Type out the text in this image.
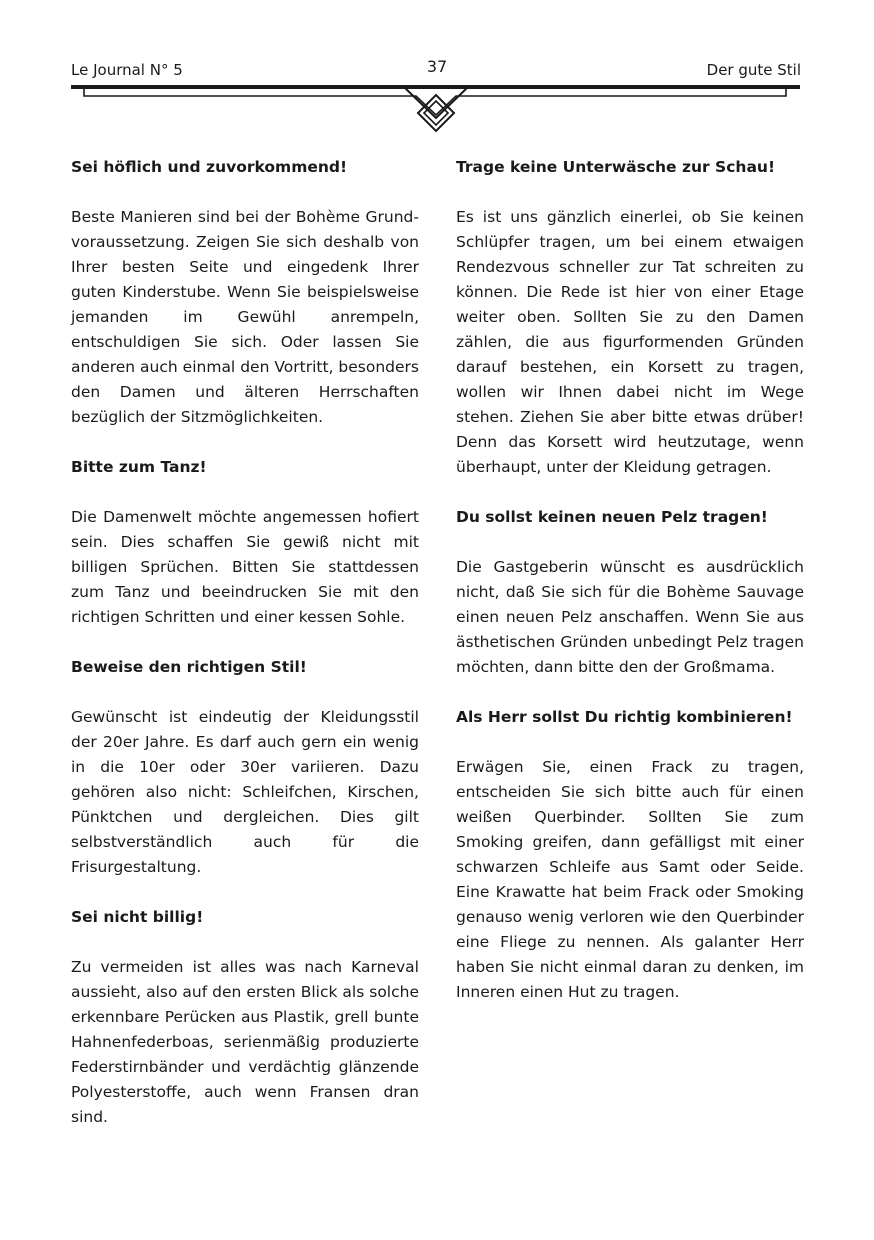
Le Journal N° 5	37	Der gute Stil
Sei höflich und zuvorkommend!

Beste Manieren sind bei der Bohème Grundvoraussetzung. Zeigen Sie sich deshalb von Ihrer besten Seite und eingedenk Ihrer guten Kinderstube. Wenn Sie beispielsweise jemanden im Gewühl anrempeln, entschuldigen Sie sich. Oder lassen Sie anderen auch einmal den Vortritt, besonders den Damen und älteren Herrschaften bezüglich der Sitzmöglichkeiten.

Bitte zum Tanz!

Die Damenwelt möchte angemessen hofiert sein. Dies schaffen Sie gewiß nicht mit billigen Sprüchen. Bitten Sie stattdessen zum Tanz und beeindrucken Sie mit den richtigen Schritten und einer kessen Sohle.

Beweise den richtigen Stil!

Gewünscht ist eindeutig der Kleidungsstil der 20er Jahre. Es darf auch gern ein wenig in die 10er oder 30er variieren. Dazu gehören also nicht: Schleifchen, Kirschen, Pünktchen und dergleichen. Dies gilt selbstverständlich auch für die Frisurgestaltung.

Sei nicht billig!

Zu vermeiden ist alles was nach Karneval aussieht, also auf den ersten Blick als solche erkennbare Perücken aus Plastik, grell bunte Hahnenfederboas, serienmäßig produzierte Federstirnbänder und verdächtig glänzende Polyesterstoffe, auch wenn Fransen dran sind.

Trage keine Unterwäsche zur Schau!

Es ist uns gänzlich einerlei, ob Sie keinen Schlüpfer tragen, um bei einem etwaigen Rendezvous schneller zur Tat schreiten zu können. Die Rede ist hier von einer Etage weiter oben. Sollten Sie zu den Damen zählen, die aus figurformenden Gründen darauf bestehen, ein Korsett zu tragen, wollen wir Ihnen dabei nicht im Wege stehen. Ziehen Sie aber bitte etwas drüber! Denn das Korsett wird heutzutage, wenn überhaupt, unter der Kleidung getragen.

Du sollst keinen neuen Pelz tragen!

Die Gastgeberin wünscht es ausdrücklich nicht, daß Sie sich für die Bohème Sauvage einen neuen Pelz anschaffen. Wenn Sie aus ästhetischen Gründen unbedingt Pelz tragen möchten, dann bitte den der Großmama.

Als Herr sollst Du richtig kombinieren!

Erwägen Sie, einen Frack zu tragen, entscheiden Sie sich bitte auch für einen weißen Querbinder. Sollten Sie zum Smoking greifen, dann gefälligst mit einer schwarzen Schleife aus Samt oder Seide. Eine Krawatte hat beim Frack oder Smoking genauso wenig verloren wie den Querbinder eine Fliege zu nennen. Als galanter Herr haben Sie nicht einmal daran zu denken, im Inneren einen Hut zu tragen.
